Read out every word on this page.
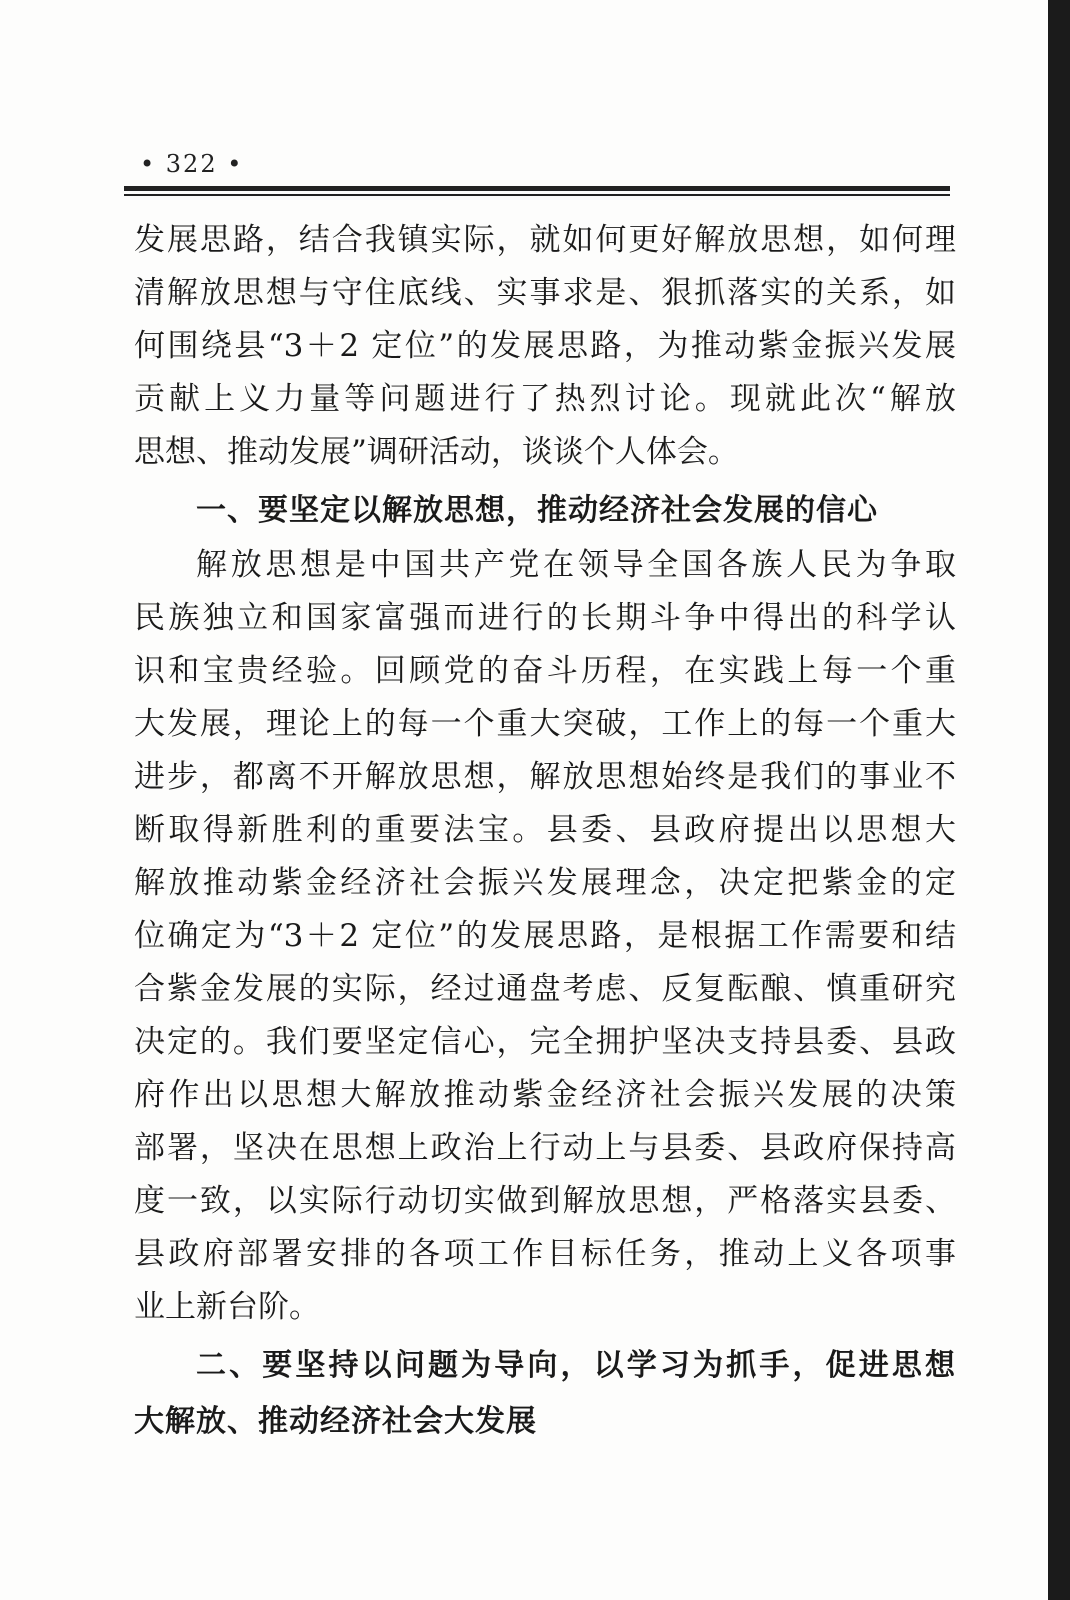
• 322 •
发展思路，结合我镇实际，就如何更好解放思想，如何理
清解放思想与守住底线、实事求是、狠抓落实的关系，如
何围绕县“3＋2 定位”的发展思路，为推动紫金振兴发展
贡献上义力量等问题进行了热烈讨论。现就此次“解放
思想、推动发展”调研活动，谈谈个人体会。
一、要坚定以解放思想，推动经济社会发展的信心
解放思想是中国共产党在领导全国各族人民为争取
民族独立和国家富强而进行的长期斗争中得出的科学认
识和宝贵经验。回顾党的奋斗历程，在实践上每一个重
大发展，理论上的每一个重大突破，工作上的每一个重大
进步，都离不开解放思想，解放思想始终是我们的事业不
断取得新胜利的重要法宝。县委、县政府提出以思想大
解放推动紫金经济社会振兴发展理念，决定把紫金的定
位确定为“3＋2 定位”的发展思路，是根据工作需要和结
合紫金发展的实际，经过通盘考虑、反复酝酿、慎重研究
决定的。我们要坚定信心，完全拥护坚决支持县委、县政
府作出以思想大解放推动紫金经济社会振兴发展的决策
部署，坚决在思想上政治上行动上与县委、县政府保持高
度一致，以实际行动切实做到解放思想，严格落实县委、
县政府部署安排的各项工作目标任务，推动上义各项事
业上新台阶。
二、要坚持以问题为导向，以学习为抓手，促进思想
大解放、推动经济社会大发展
